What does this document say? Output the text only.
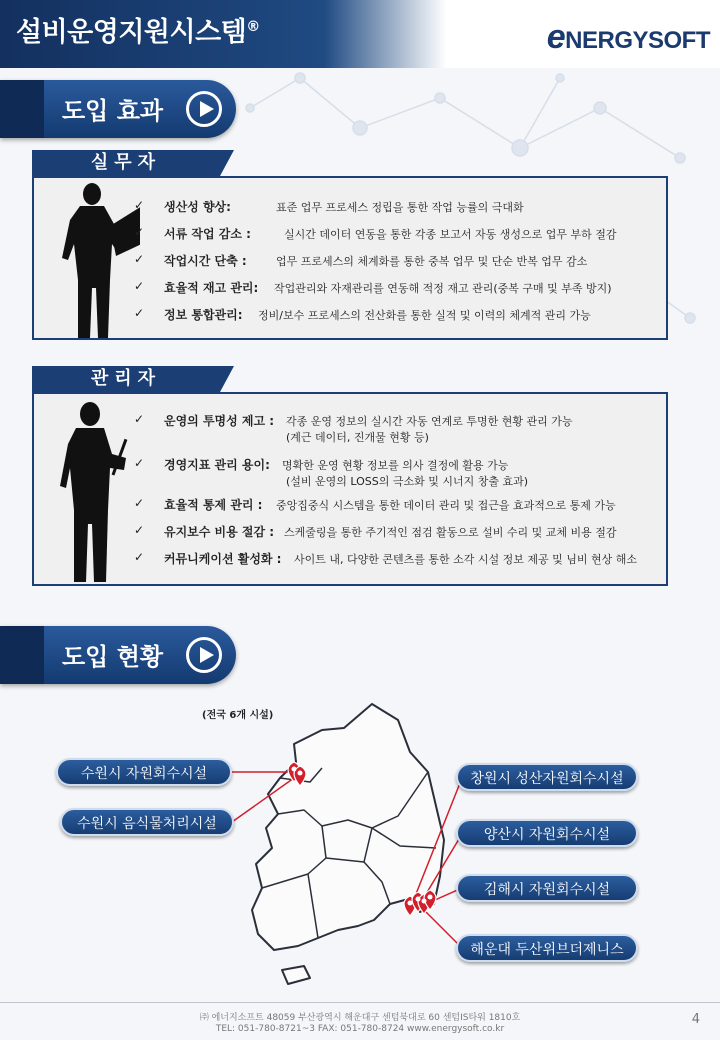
설비운영지원시스템®	eNERGYSOFT
도입 효과
실무자
✓ 생산성 향상:	표준 업무 프로세스 정립을 통한 작업 능률의 극대화
✓ 서류 작업 감소 :	실시간 데이터 연동을 통한 각종 보고서 자동 생성으로 업무 부하 절감
✓ 작업시간 단축 :	업무 프로세스의 체계화를 통한 중복 업무 및 단순 반복 업무 감소
✓ 효율적 재고 관리: 작업관리와 자재관리를 연동해 적정 재고 관리(중복 구매 및 부족 방지)
✓ 정보 통합관리: 정비/보수 프로세스의 전산화를 통한 실적 및 이력의 체계적 관리 가능
관리자
✓ 운영의 투명성 제고 : 각종 운영 정보의 실시간 자동 연계로 투명한 현황 관리 가능
(계근 데이터, 진개물 현황 등)
✓ 경영지표 관리 용이: 명확한 운영 현황 정보를 의사 결정에 활용 가능
(설비 운영의 LOSS의 극소화 및 시너지 창출 효과)
✓ 효율적 통제 관리 : 중앙집중식 시스템을 통한 데이터 관리 및 접근을 효과적으로 통제 가능
✓ 유지보수 비용 절감 : 스케줄링을 통한 주기적인 점검 활동으로 설비 수리 및 교체 비용 절감
✓ 커뮤니케이션 활성화 : 사이트 내, 다양한 콘텐츠를 통한 소각 시설 정보 제공 및 님비 현상 해소
도입 현황
(전국 6개 시설)
수원시 자원회수시설
수원시 음식물처리시설
창원시 성산자원회수시설
양산시 자원회수시설
김해시 자원회수시설
해운대 두산위브더제니스
㈜ 에너지소프트 48059 부산광역시 해운대구 센텀북대로 60 센텀IS타워 1810호
TEL: 051-780-8721~3 FAX: 051-780-8724 www.energysoft.co.kr
4
